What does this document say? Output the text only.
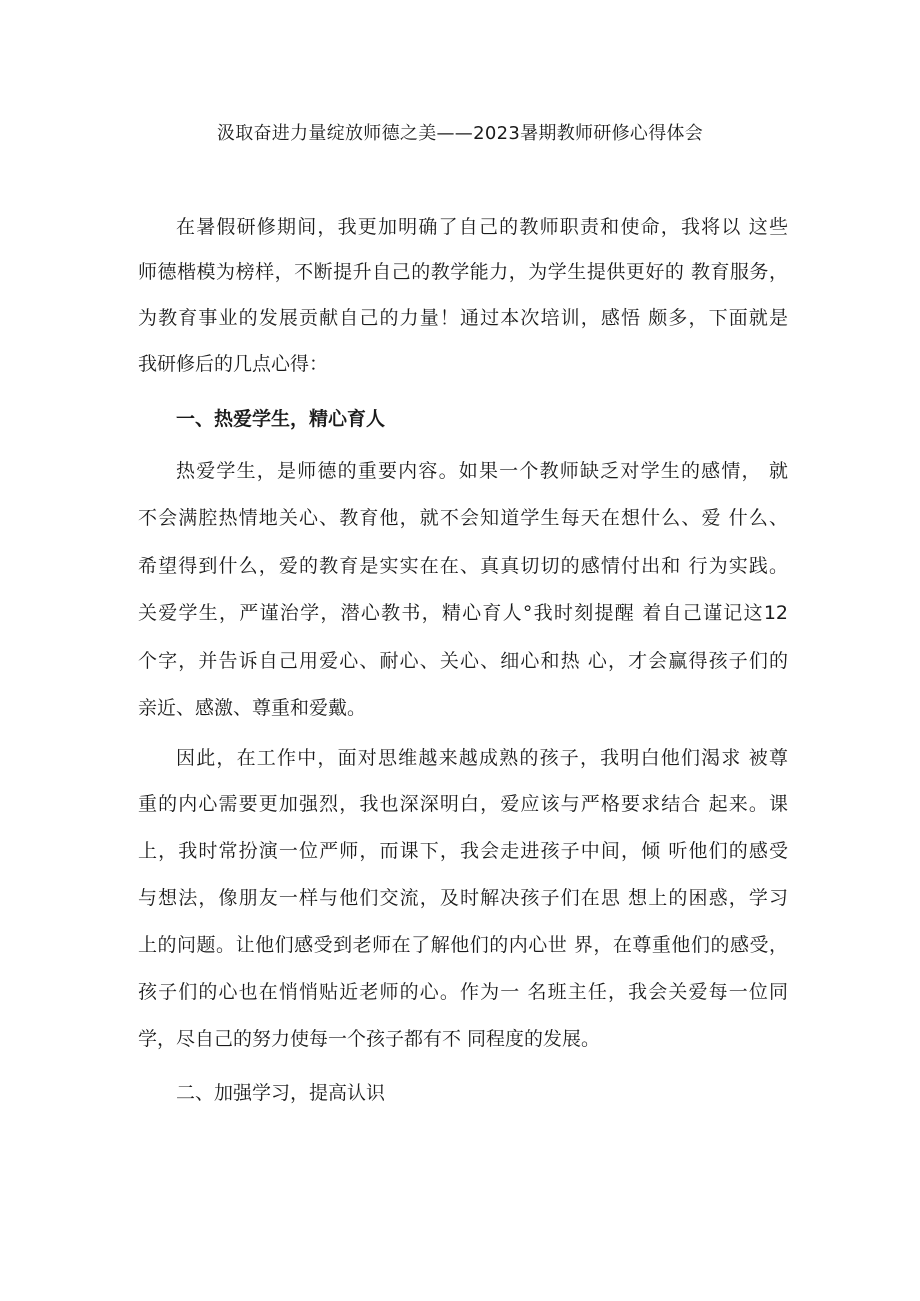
汲取奋进力量绽放师德之美——2023暑期教师研修心得体会
在暑假研修期间，我更加明确了自己的教师职责和使命，我将以 这些
师德楷模为榜样，不断提升自己的教学能力，为学生提供更好的 教育服务，
为教育事业的发展贡献自己的力量！通过本次培训，感悟 颇多，下面就是
我研修后的几点心得：
一、热爱学生，精心育人
热爱学生，是师德的重要内容。如果一个教师缺乏对学生的感情， 就
不会满腔热情地关心、教育他，就不会知道学生每天在想什么、爱 什么、
希望得到什么，爱的教育是实实在在、真真切切的感情付出和 行为实践。
关爱学生，严谨治学，潜心教书，精心育人°我时刻提醒 着自己谨记这12
个字，并告诉自己用爱心、耐心、关心、细心和热 心，才会赢得孩子们的
亲近、感激、尊重和爱戴。
因此，在工作中，面对思维越来越成熟的孩子，我明白他们渴求 被尊
重的内心需要更加强烈，我也深深明白，爱应该与严格要求结合 起来。课
上，我时常扮演一位严师，而课下，我会走进孩子中间，倾 听他们的感受
与想法，像朋友一样与他们交流，及时解决孩子们在思 想上的困惑，学习
上的问题。让他们感受到老师在了解他们的内心世 界，在尊重他们的感受，
孩子们的心也在悄悄贴近老师的心。作为一 名班主任，我会关爱每一位同
学，尽自己的努力使每一个孩子都有不 同程度的发展。
二、加强学习，提高认识
